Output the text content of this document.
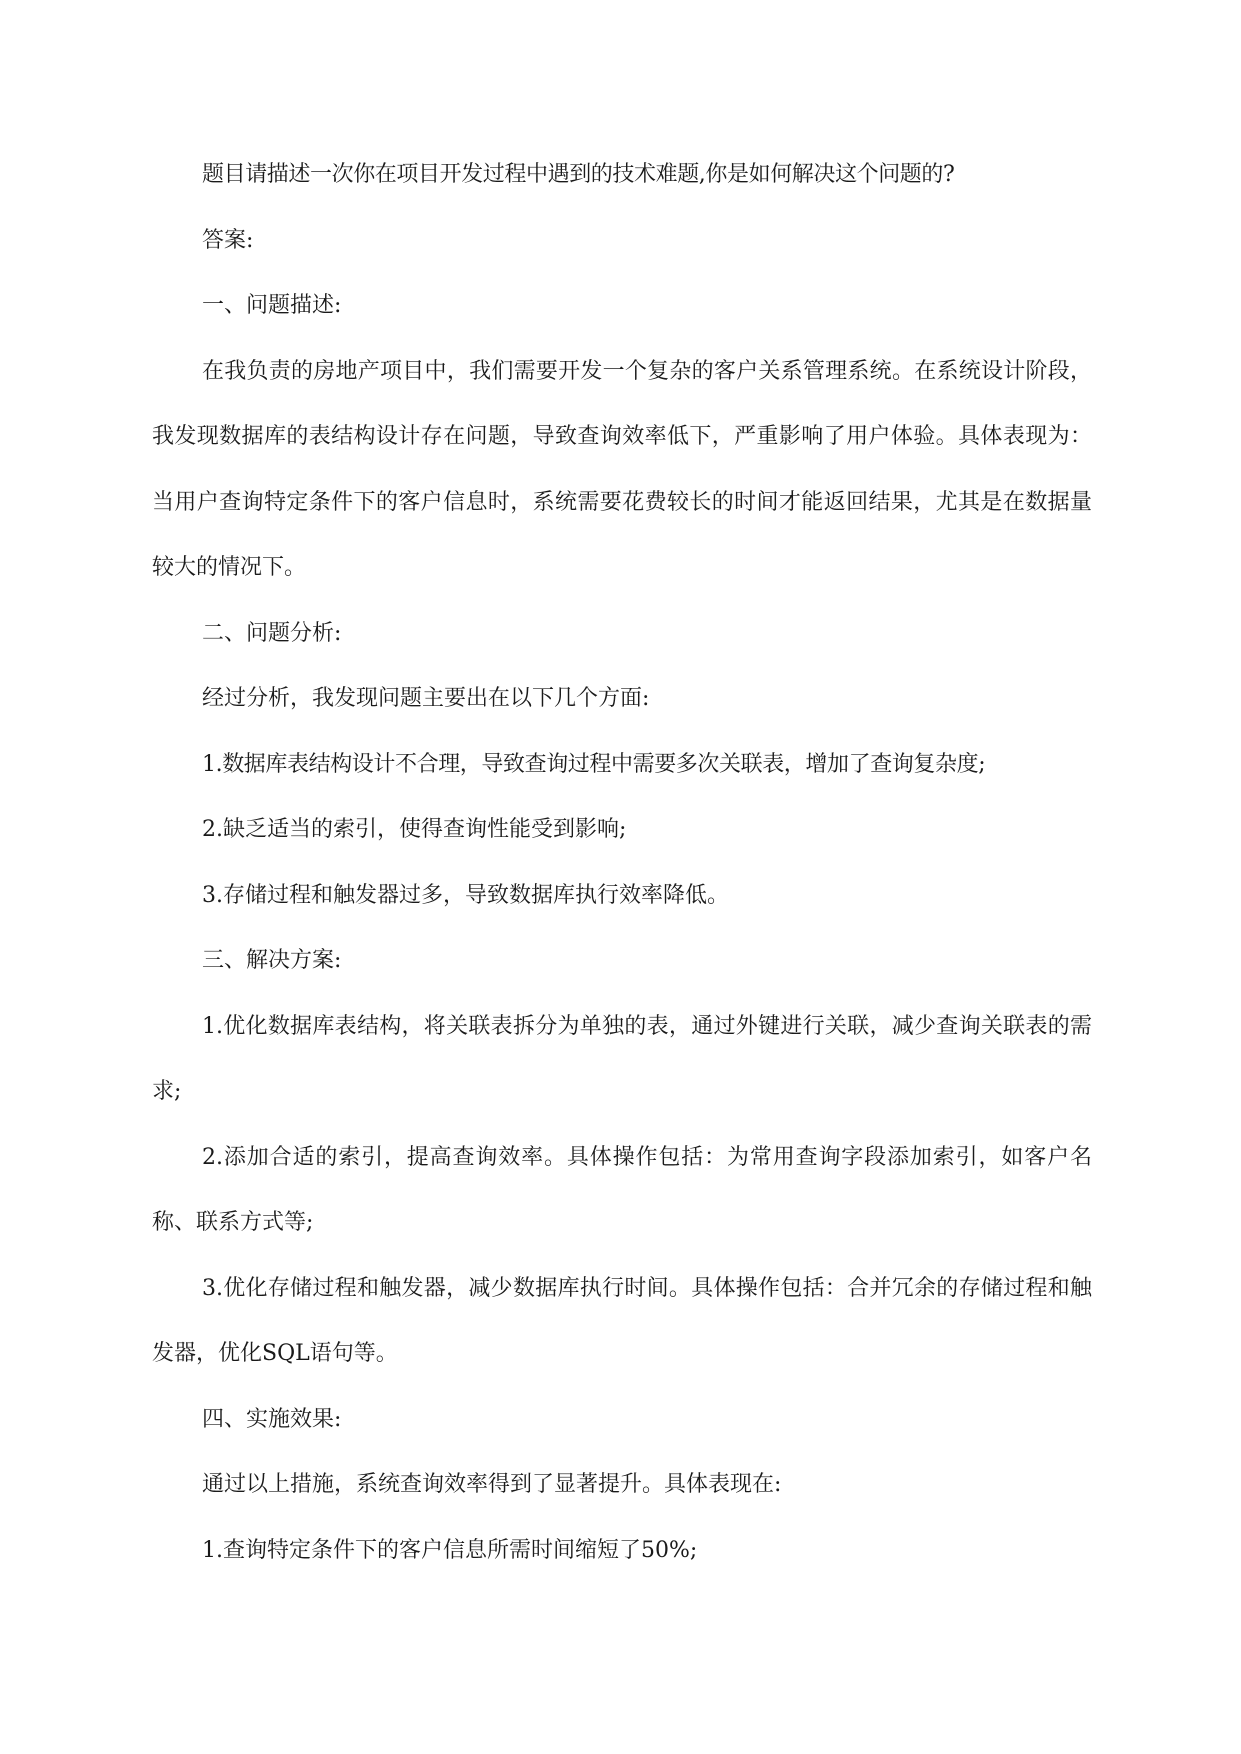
题目请描述一次你在项目开发过程中遇到的技术难题,你是如何解决这个问题的?

答案:

一、问题描述:

在我负责的房地产项目中，我们需要开发一个复杂的客户关系管理系统。在系统设计阶段，我发现数据库的表结构设计存在问题，导致查询效率低下，严重影响了用户体验。具体表现为：当用户查询特定条件下的客户信息时，系统需要花费较长的时间才能返回结果，尤其是在数据量较大的情况下。

二、问题分析:

经过分析，我发现问题主要出在以下几个方面:

1.数据库表结构设计不合理，导致查询过程中需要多次关联表，增加了查询复杂度;

2.缺乏适当的索引，使得查询性能受到影响;

3.存储过程和触发器过多，导致数据库执行效率降低。

三、解决方案:

1.优化数据库表结构，将关联表拆分为单独的表，通过外键进行关联，减少查询关联表的需求;

2.添加合适的索引，提高查询效率。具体操作包括：为常用查询字段添加索引，如客户名称、联系方式等;

3.优化存储过程和触发器，减少数据库执行时间。具体操作包括：合并冗余的存储过程和触发器，优化SQL语句等。

四、实施效果:

通过以上措施，系统查询效率得到了显著提升。具体表现在:

1.查询特定条件下的客户信息所需时间缩短了50%;
